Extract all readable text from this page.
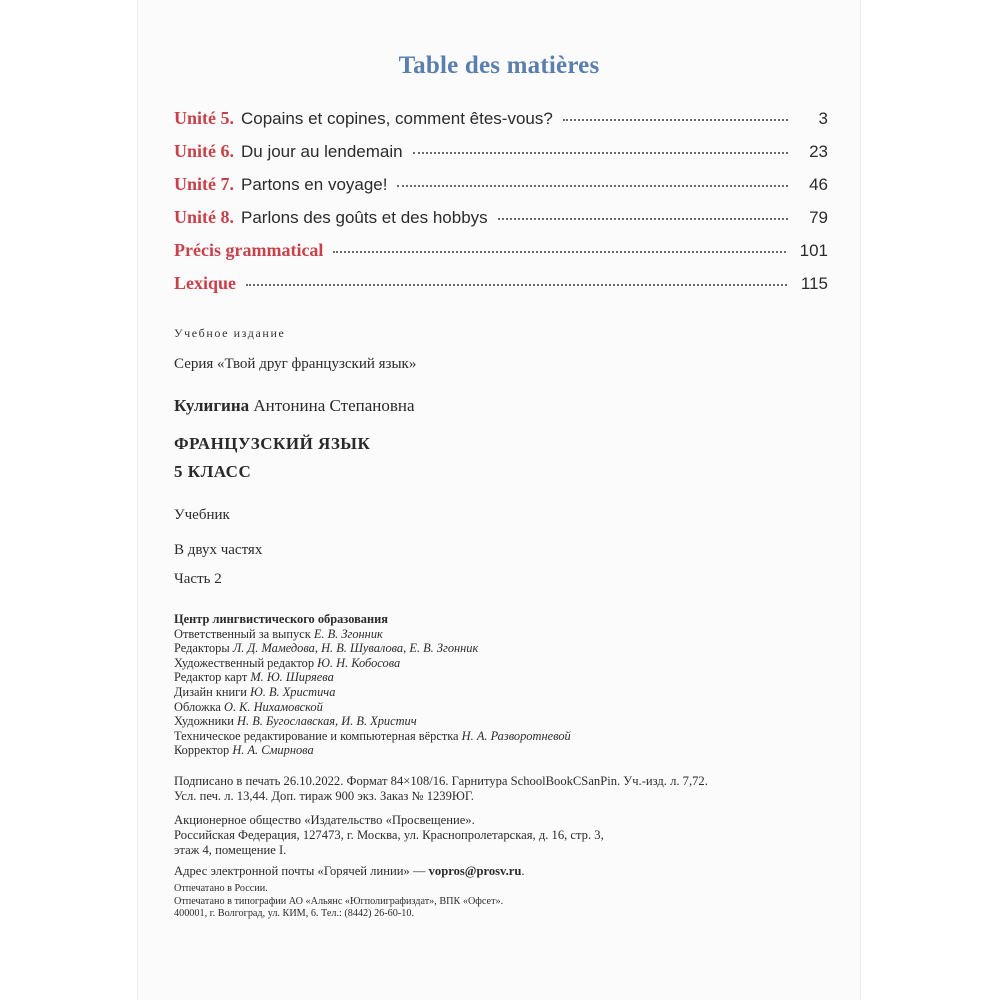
Table des matières
Unité 5. Copains et copines, comment êtes-vous?	3
Unité 6. Du jour au lendemain	23
Unité 7. Partons en voyage!	46
Unité 8. Parlons des goûts et des hobbys	79
Précis grammatical	101
Lexique	115
Учебное издание
Серия «Твой друг французский язык»
Кулигина Антонина Степановна
ФРАНЦУЗСКИЙ ЯЗЫК
5 КЛАСС
Учебник
В двух частях
Часть 2
Центр лингвистического образования
Ответственный за выпуск Е. В. Згонник
Редакторы Л. Д. Мамедова, Н. В. Шувалова, Е. В. Згонник
Художественный редактор Ю. Н. Кобосова
Редактор карт М. Ю. Ширяева
Дизайн книги Ю. В. Христича
Обложка О. К. Нихамовской
Художники Н. В. Бугославская, И. В. Христич
Техническое редактирование и компьютерная вёрстка Н. А. Разворотневой
Корректор Н. А. Смирнова
Подписано в печать 26.10.2022. Формат 84×108/16. Гарнитура SchoolBookCSanPin. Уч.-изд. л. 7,72.
Усл. печ. л. 13,44. Доп. тираж 900 экз. Заказ № 1239ЮГ.
Акционерное общество «Издательство «Просвещение».
Российская Федерация, 127473, г. Москва, ул. Краснопролетарская, д. 16, стр. 3,
этаж 4, помещение I.
Адрес электронной почты «Горячей линии» — vopros@prosv.ru.
Отпечатано в России.
Отпечатано в типографии АО «Альянс «Югполиграфиздат», ВПК «Офсет».
400001, г. Волгоград, ул. КИМ, 6. Тел.: (8442) 26-60-10.
